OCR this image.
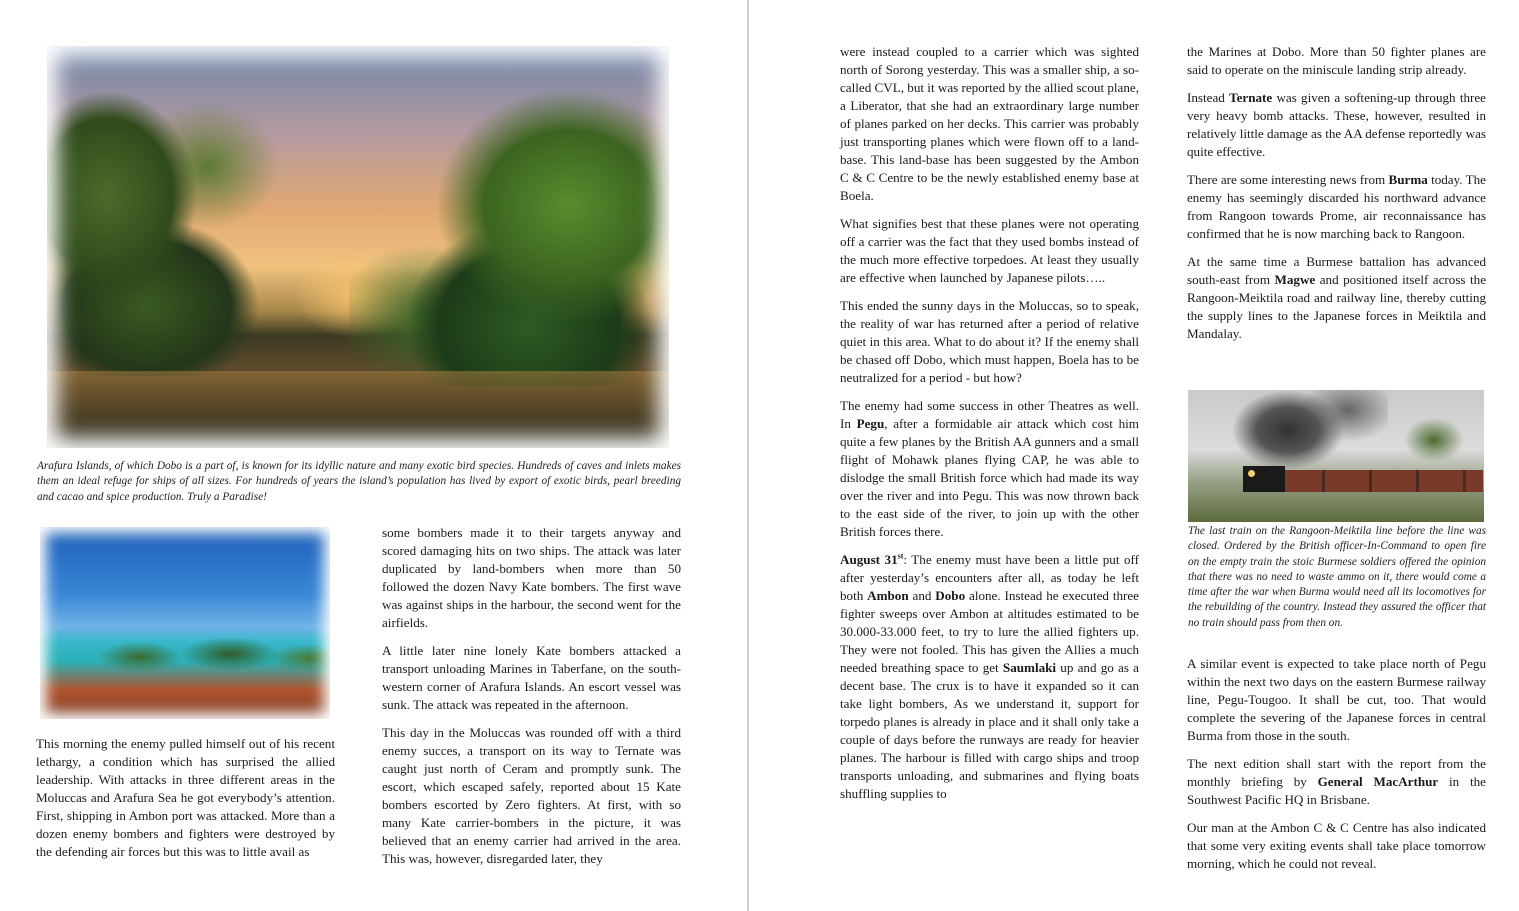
Arafura Islands, of which Dobo is a part of, is known for its idyllic nature and many exotic bird species. Hundreds of caves and inlets makes them an ideal refuge for ships of all sizes. For hundreds of years the island’s population has lived by export of exotic birds, pearl breeding and cacao and spice production. Truly a Paradise!

This morning the enemy pulled himself out of his recent lethargy, a condition which has surprised the allied leadership. With attacks in three different areas in the Moluccas and Arafura Sea he got everybody’s attention. First, shipping in Ambon port was attacked. More than a dozen enemy bombers and fighters were destroyed by the defending air forces but this was to little avail as

some bombers made it to their targets anyway and scored damaging hits on two ships. The attack was later duplicated by land-bombers when more than 50 followed the dozen Navy Kate bombers. The first wave was against ships in the harbour, the second went for the airfields.

A little later nine lonely Kate bombers attacked a transport unloading Marines in Taberfane, on the south-western corner of Arafura Islands. An escort vessel was sunk. The attack was repeated in the afternoon.

This day in the Moluccas was rounded off with a third enemy succes, a transport on its way to Ternate was caught just north of Ceram and promptly sunk. The escort, which escaped safely, reported about 15 Kate bombers escorted by Zero fighters. At first, with so many Kate carrier-bombers in the picture, it was believed that an enemy carrier had arrived in the area. This was, however, disregarded later, they

were instead coupled to a carrier which was sighted north of Sorong yesterday. This was a smaller ship, a so-called CVL, but it was reported by the allied scout plane, a Liberator, that she had an extraordinary large number of planes parked on her decks. This carrier was probably just transporting planes which were flown off to a land-base. This land-base has been suggested by the Ambon C & C Centre to be the newly established enemy base at Boela.

What signifies best that these planes were not operating off a carrier was the fact that they used bombs instead of the much more effective torpedoes. At least they usually are effective when launched by Japanese pilots…..

This ended the sunny days in the Moluccas, so to speak, the reality of war has returned after a period of relative quiet in this area. What to do about it? If the enemy shall be chased off Dobo, which must happen, Boela has to be neutralized for a period - but how?

The enemy had some success in other Theatres as well. In Pegu, after a formidable air attack which cost him quite a few planes by the British AA gunners and a small flight of Mohawk planes flying CAP, he was able to dislodge the small British force which had made its way over the river and into Pegu. This was now thrown back to the east side of the river, to join up with the other British forces there.

August 31st: The enemy must have been a little put off after yesterday’s encounters after all, as today he left both Ambon and Dobo alone. Instead he executed three fighter sweeps over Ambon at altitudes estimated to be 30.000-33.000 feet, to try to lure the allied fighters up. They were not fooled. This has given the Allies a much needed breathing space to get Saumlaki up and go as a decent base. The crux is to have it expanded so it can take light bombers, As we understand it, support for torpedo planes is already in place and it shall only take a couple of days before the runways are ready for heavier planes. The harbour is filled with cargo ships and troop transports unloading, and submarines and flying boats shuffling supplies to

the Marines at Dobo. More than 50 fighter planes are said to operate on the miniscule landing strip already.

Instead Ternate was given a softening-up through three very heavy bomb attacks. These, however, resulted in relatively little damage as the AA defense reportedly was quite effective.

There are some interesting news from Burma today. The enemy has seemingly discarded his northward advance from Rangoon towards Prome, air reconnaissance has confirmed that he is now marching back to Rangoon.

At the same time a Burmese battalion has advanced south-east from Magwe and positioned itself across the Rangoon-Meiktila road and railway line, thereby cutting the supply lines to the Japanese forces in Meiktila and Mandalay.

The last train on the Rangoon-Meiktila line before the line was closed. Ordered by the British officer-In-Command to open fire on the empty train the stoic Burmese soldiers offered the opinion that there was no need to waste ammo on it, there would come a time after the war when Burma would need all its locomotives for the rebuilding of the country. Instead they assured the officer that no train should pass from then on.

A similar event is expected to take place north of Pegu within the next two days on the eastern Burmese railway line, Pegu-Tougoo. It shall be cut, too. That would complete the severing of the Japanese forces in central Burma from those in the south.

The next edition shall start with the report from the monthly briefing by General MacArthur in the Southwest Pacific HQ in Brisbane.

Our man at the Ambon C & C Centre has also indicated that some very exiting events shall take place tomorrow morning, which he could not reveal.
